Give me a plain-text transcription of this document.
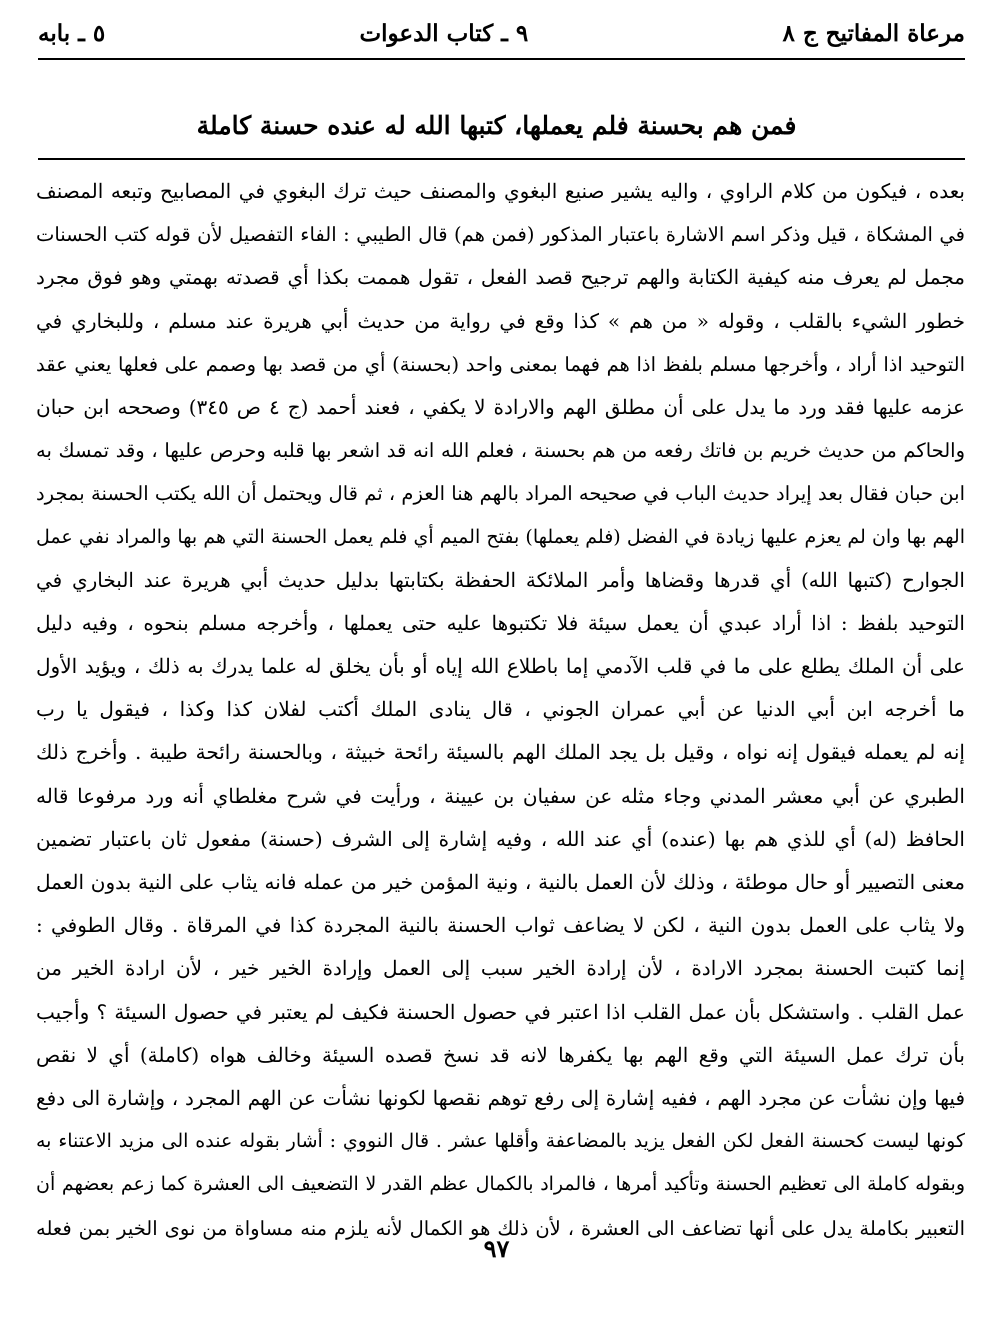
مرعاة المفاتيح ج ٨
٩ ـ كتاب الدعوات
٥ ـ بابه
فمن هم بحسنة فلم يعملها، كتبها الله له عنده حسنة كاملة
بعده ، فيكون من كلام الراوي ، واليه يشير صنيع البغوي والمصنف حيث ترك البغوي في المصابيح وتبعه المصنف
في المشكاة ، قيل وذكر اسم الاشارة باعتبار المذكور (فمن هم) قال الطيبي : الفاء التفصيل لأن قوله كتب الحسنات
مجمل لم يعرف منه كيفية الكتابة والهم ترجيح قصد الفعل ، تقول هممت بكذا أي قصدته بهمتي وهو فوق مجرد
خطور الشيء بالقلب ، وقوله « من هم » كذا وقع في رواية من حديث أبي هريرة عند مسلم ، وللبخاري في
التوحيد اذا أراد ، وأخرجها مسلم بلفظ اذا هم فهما بمعنى واحد (بحسنة) أي من قصد بها وصمم على فعلها يعني عقد
عزمه عليها فقد ورد ما يدل على أن مطلق الهم والارادة لا يكفي ، فعند أحمد (ج ٤ ص ٣٤٥) وصححه ابن حبان
والحاكم من حديث خريم بن فاتك رفعه من هم بحسنة ، فعلم الله انه قد اشعر بها قلبه وحرص عليها ، وقد تمسك به
ابن حبان فقال بعد إيراد حديث الباب في صحيحه المراد بالهم هنا العزم ، ثم قال ويحتمل أن الله يكتب الحسنة بمجرد
الهم بها وان لم يعزم عليها زيادة في الفضل (فلم يعملها) بفتح الميم أي فلم يعمل الحسنة التي هم بها والمراد نفي عمل
الجوارح (كتبها الله) أي قدرها وقضاها وأمر الملائكة الحفظة بكتابتها بدليل حديث أبي هريرة عند البخاري في
التوحيد بلفظ : اذا أراد عبدي أن يعمل سيئة فلا تكتبوها عليه حتى يعملها ، وأخرجه مسلم بنحوه ، وفيه دليل
على أن الملك يطلع على ما في قلب الآدمي إما باطلاع الله إياه أو بأن يخلق له علما يدرك به ذلك ، ويؤيد الأول
ما أخرجه ابن أبي الدنيا عن أبي عمران الجوني ، قال ينادى الملك أكتب لفلان كذا وكذا ، فيقول يا رب
إنه لم يعمله فيقول إنه نواه ، وقيل بل يجد الملك الهم بالسيئة رائحة خبيثة ، وبالحسنة رائحة طيبة . وأخرج ذلك
الطبري عن أبي معشر المدني وجاء مثله عن سفيان بن عيينة ، ورأيت في شرح مغلطاي أنه ورد مرفوعا قاله
الحافظ (له) أي للذي هم بها (عنده) أي عند الله ، وفيه إشارة إلى الشرف (حسنة) مفعول ثان باعتبار تضمين
معنى التصيير أو حال موطئة ، وذلك لأن العمل بالنية ، ونية المؤمن خير من عمله فانه يثاب على النية بدون العمل
ولا يثاب على العمل بدون النية ، لكن لا يضاعف ثواب الحسنة بالنية المجردة كذا في المرقاة . وقال الطوفي :
إنما كتبت الحسنة بمجرد الارادة ، لأن إرادة الخير سبب إلى العمل وإرادة الخير خير ، لأن ارادة الخير من
عمل القلب . واستشكل بأن عمل القلب اذا اعتبر في حصول الحسنة فكيف لم يعتبر في حصول السيئة ؟ وأجيب
بأن ترك عمل السيئة التي وقع الهم بها يكفرها لانه قد نسخ قصده السيئة وخالف هواه (كاملة) أي لا نقص
فيها وإن نشأت عن مجرد الهم ، ففيه إشارة إلى رفع توهم نقصها لكونها نشأت عن الهم المجرد ، وإشارة الى دفع
كونها ليست كحسنة الفعل لكن الفعل يزيد بالمضاعفة وأقلها عشر . قال النووي : أشار بقوله عنده الى مزيد الاعتناء به
وبقوله كاملة الى تعظيم الحسنة وتأكيد أمرها ، فالمراد بالكمال عظم القدر لا التضعيف الى العشرة كما زعم بعضهم أن
التعبير بكاملة يدل على أنها تضاعف الى العشرة ، لأن ذلك هو الكمال لأنه يلزم منه مساواة من نوى الخير بمن فعله
٩٧
